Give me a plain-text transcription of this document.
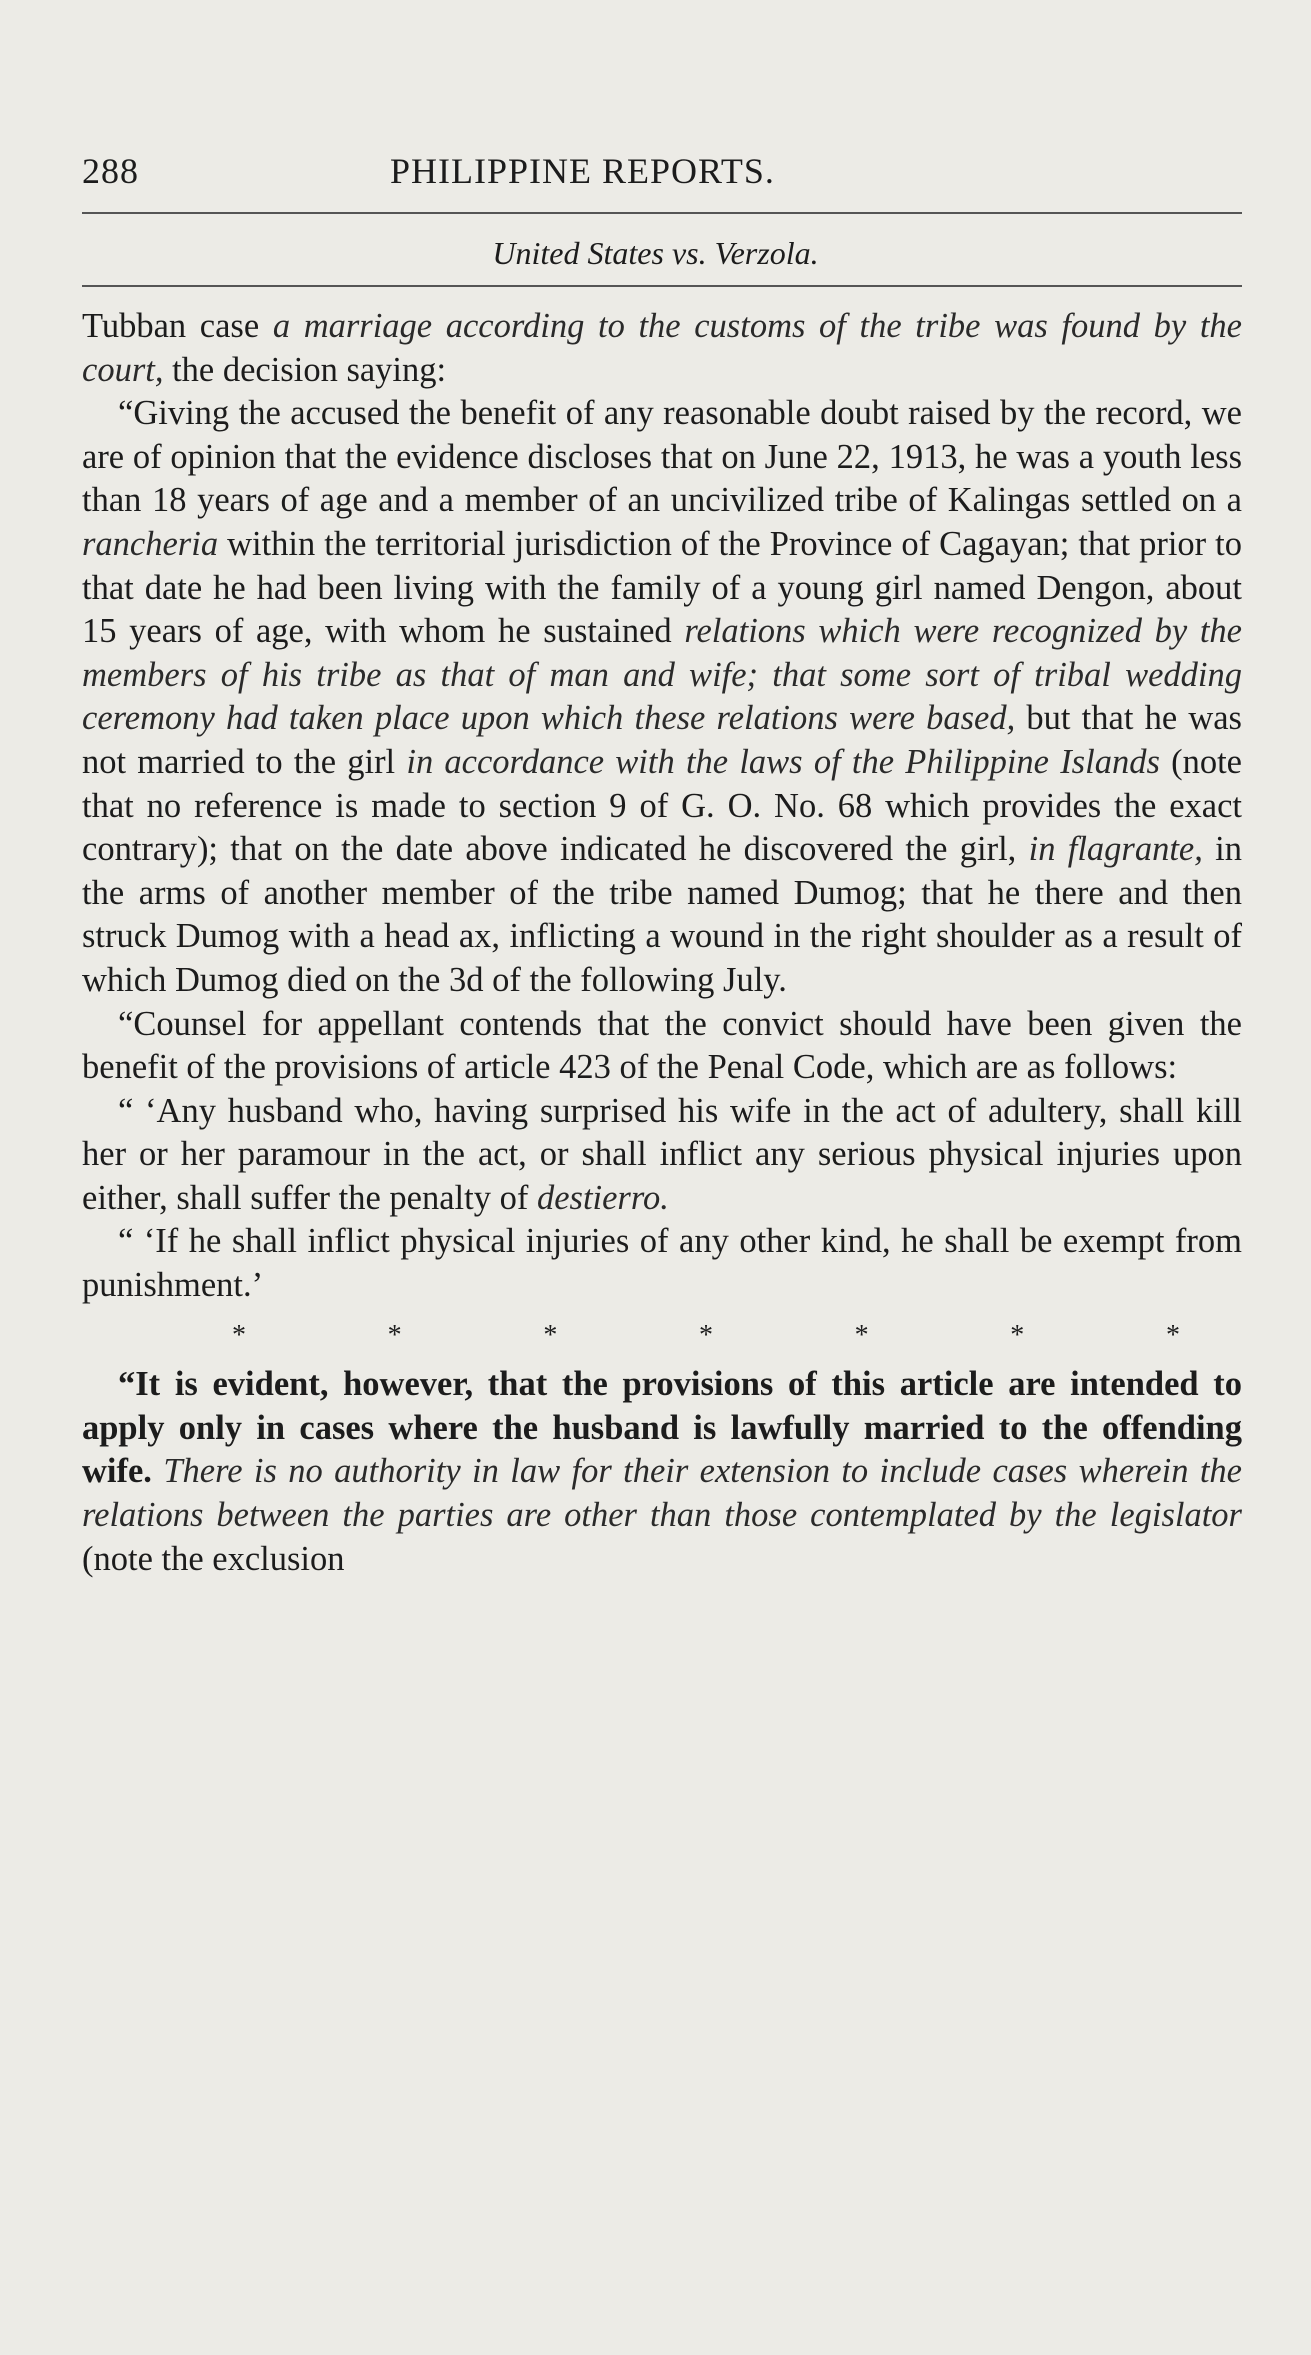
288	PHILIPPINE REPORTS.
United States vs. Verzola.

Tubban case a marriage according to the customs of the tribe was found by the court, the decision saying:

“Giving the accused the benefit of any reasonable doubt raised by the record, we are of opinion that the evidence discloses that on June 22, 1913, he was a youth less than 18 years of age and a member of an uncivilized tribe of Kalingas settled on a rancheria within the territorial jurisdiction of the Province of Cagayan; that prior to that date he had been living with the family of a young girl named Dengon, about 15 years of age, with whom he sustained relations which were recognized by the members of his tribe as that of man and wife; that some sort of tribal wedding ceremony had taken place upon which these relations were based, but that he was not married to the girl in accordance with the laws of the Philippine Islands (note that no reference is made to section 9 of G. O. No. 68 which provides the exact contrary); that on the date above indicated he discovered the girl, in flagrante, in the arms of another member of the tribe named Dumog; that he there and then struck Dumog with a head ax, inflicting a wound in the right shoulder as a result of which Dumog died on the 3d of the following July.

“Counsel for appellant contends that the convict should have been given the benefit of the provisions of article 423 of the Penal Code, which are as follows:

“ ‘Any husband who, having surprised his wife in the act of adultery, shall kill her or her paramour in the act, or shall inflict any serious physical injuries upon either, shall suffer the penalty of destierro.

“ ‘If he shall inflict physical injuries of any other kind, he shall be exempt from punishment.’

*	*	*	*	*	*	*

“It is evident, however, that the provisions of this article are intended to apply only in cases where the husband is lawfully married to the offending wife. There is no authority in law for their extension to include cases wherein the relations between the parties are other than those contemplated by the legislator (note the exclusion
